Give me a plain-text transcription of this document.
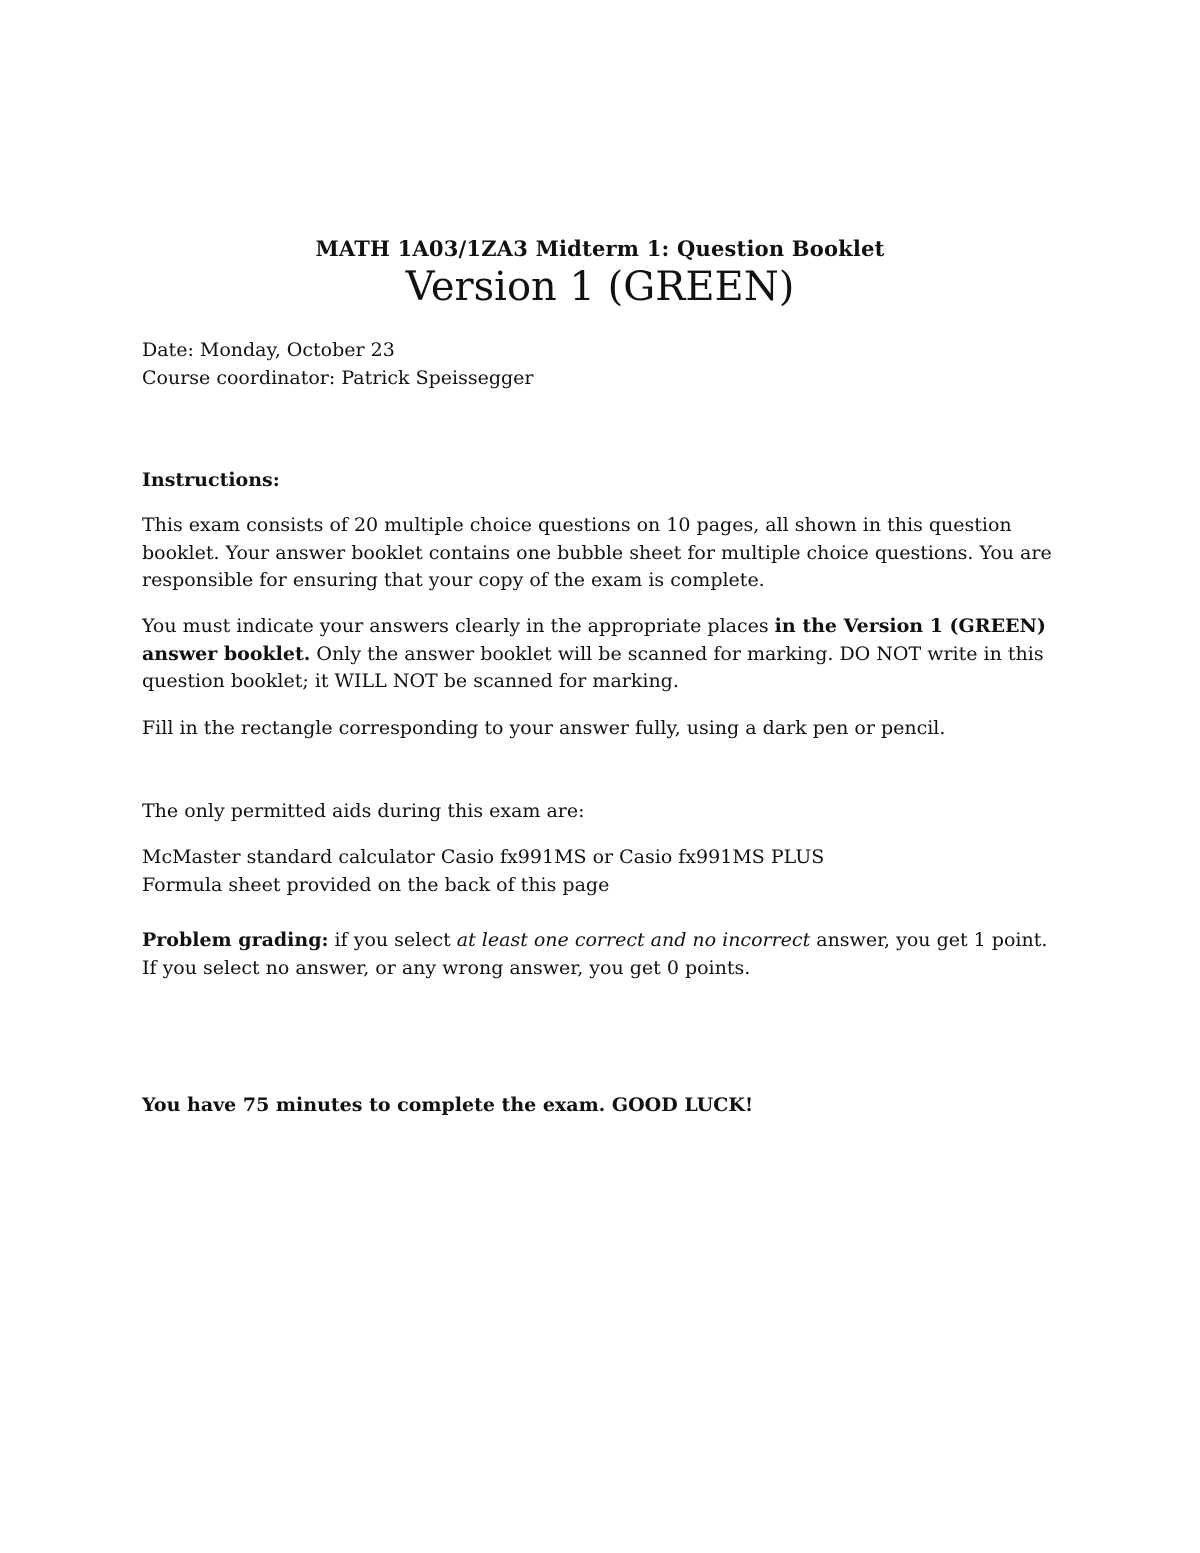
MATH 1A03/1ZA3 Midterm 1: Question Booklet
Version 1 (GREEN)
Date: Monday, October 23
Course coordinator: Patrick Speissegger
Instructions:
This exam consists of 20 multiple choice questions on 10 pages, all shown in this question booklet. Your answer booklet contains one bubble sheet for multiple choice questions. You are responsible for ensuring that your copy of the exam is complete.
You must indicate your answers clearly in the appropriate places in the Version 1 (GREEN) answer booklet. Only the answer booklet will be scanned for marking. DO NOT write in this question booklet; it WILL NOT be scanned for marking.
Fill in the rectangle corresponding to your answer fully, using a dark pen or pencil.
The only permitted aids during this exam are:
McMaster standard calculator Casio fx991MS or Casio fx991MS PLUS
Formula sheet provided on the back of this page
Problem grading: if you select at least one correct and no incorrect answer, you get 1 point. If you select no answer, or any wrong answer, you get 0 points.
You have 75 minutes to complete the exam. GOOD LUCK!
